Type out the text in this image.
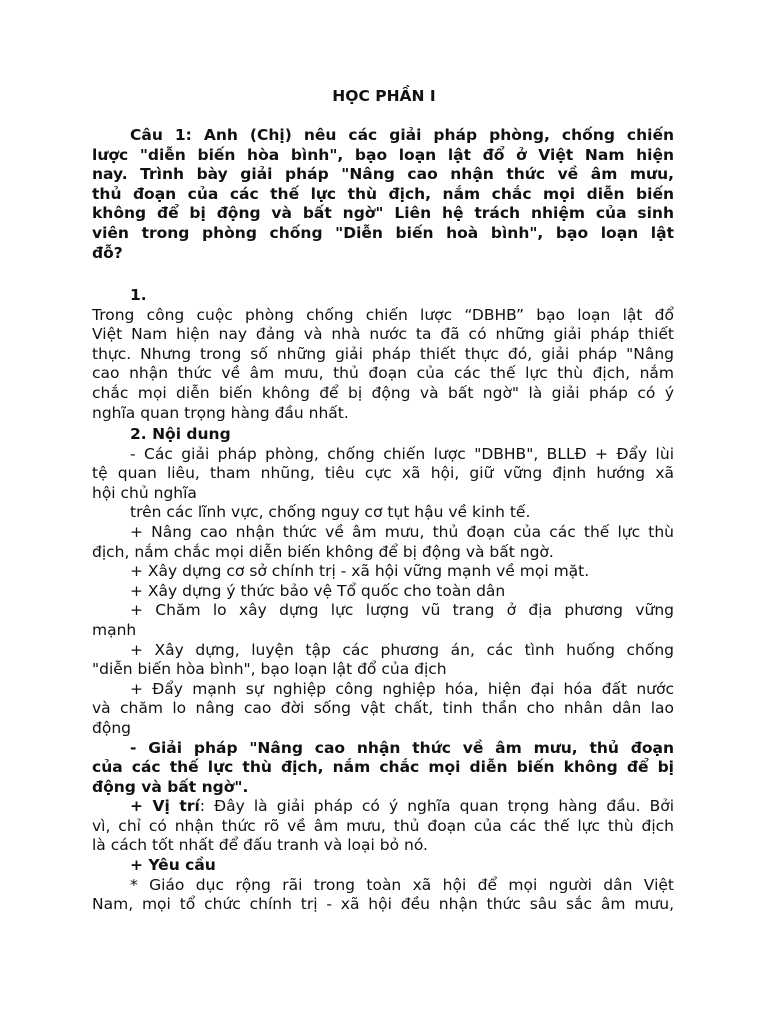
HỌC PHẦN I
Câu 1: Anh (Chị) nêu các giải pháp phòng, chống chiến
lược "diễn biến hòa bình", bạo loạn lật đổ ở Việt Nam hiện
nay. Trình bày giải pháp "Nâng cao nhận thức về âm mưu,
thủ đoạn của các thế lực thù địch, nắm chắc mọi diễn biến
không để bị động và bất ngờ" Liên hệ trách nhiệm của sinh
viên trong phòng chống "Diễn biến hoà bình", bạo loạn lật
đỗ?
1.
Trong công cuộc phòng chống chiến lược “DBHB” bạo loạn lật đổ
Việt Nam hiện nay đảng và nhà nước ta đã có những giải pháp thiết
thực. Nhưng trong số những giải pháp thiết thực đó, giải pháp "Nâng
cao nhận thức về âm mưu, thủ đoạn của các thế lực thù địch, nắm
chắc mọi diễn biến không để bị động và bất ngờ" là giải pháp có ý
nghĩa quan trọng hàng đầu nhất.
2. Nội dung
- Các giải pháp phòng, chống chiến lược "DBHB", BLLĐ + Đẩy lùi
tệ quan liêu, tham nhũng, tiêu cực xã hội, giữ vững định hướng xã
hội chủ nghĩa
trên các lĩnh vực, chống nguy cơ tụt hậu về kinh tế.
+ Nâng cao nhận thức về âm mưu, thủ đoạn của các thế lực thù
địch, nắm chắc mọi diễn biến không để bị động và bất ngờ.
+ Xây dựng cơ sở chính trị - xã hội vững mạnh về mọi mặt.
+ Xây dựng ý thức bảo vệ Tổ quốc cho toàn dân
+ Chăm lo xây dựng lực lượng vũ trang ở địa phương vững
mạnh
+ Xây dựng, luyện tập các phương án, các tình huống chống
"diễn biến hòa bình", bạo loạn lật đổ của địch
+ Đẩy mạnh sự nghiệp công nghiệp hóa, hiện đại hóa đất nước
và chăm lo nâng cao đời sống vật chất, tinh thần cho nhân dân lao
động
- Giải pháp "Nâng cao nhận thức về âm mưu, thủ đoạn
của các thế lực thù địch, nắm chắc mọi diễn biến không để bị
động và bất ngờ".
+ Vị trí: Đây là giải pháp có ý nghĩa quan trọng hàng đầu. Bởi
vì, chỉ có nhận thức rõ về âm mưu, thủ đoạn của các thế lực thù địch
là cách tốt nhất để đấu tranh và loại bỏ nó.
+ Yêu cầu
* Giáo dục rộng rãi trong toàn xã hội để mọi người dân Việt
Nam, mọi tổ chức chính trị - xã hội đều nhận thức sâu sắc âm mưu,
